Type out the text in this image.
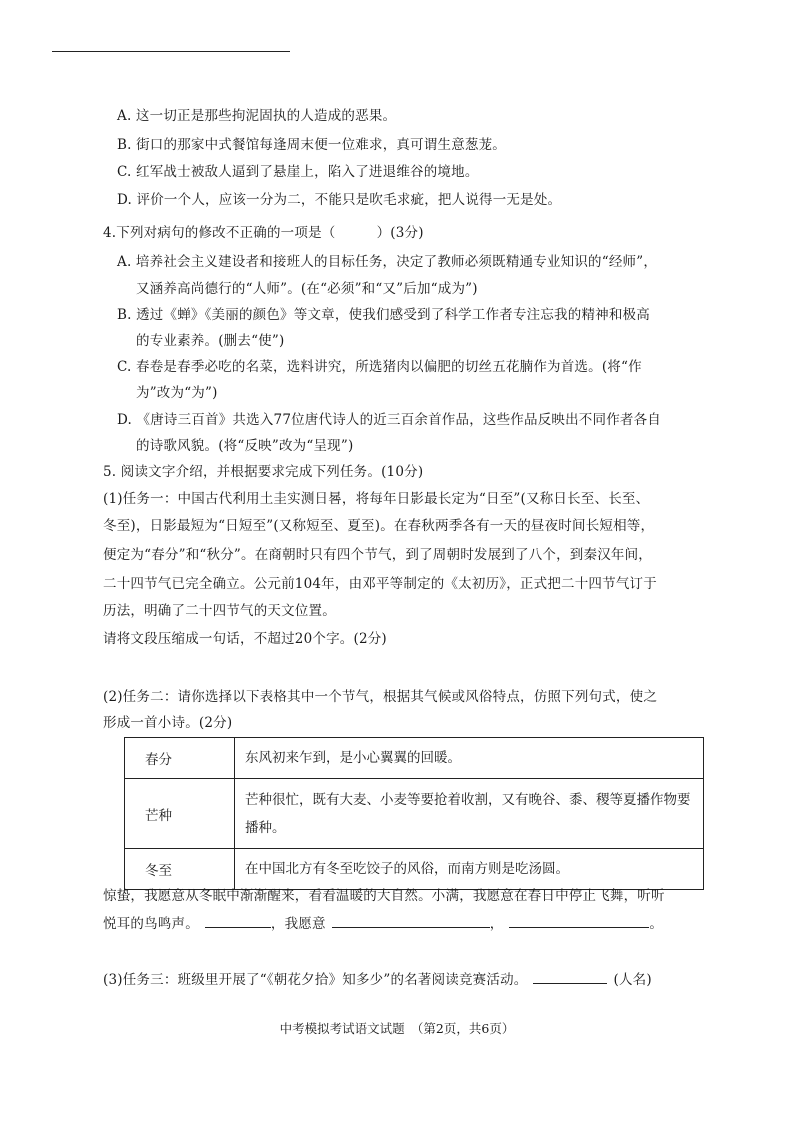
A. 这一切正是那些拘泥固执的人造成的恶果。
B. 街口的那家中式餐馆每逢周末便一位难求，真可谓生意葱茏。
C. 红军战士被敌人逼到了悬崖上，陷入了进退维谷的境地。
D. 评价一个人，应该一分为二，不能只是吹毛求疵，把人说得一无是处。
4.下列对病句的修改不正确的一项是（　　　）(3分)
A. 培养社会主义建设者和接班人的目标任务，决定了教师必须既精通专业知识的“经师”，
又涵养高尚德行的“人师”。(在“必须”和“又”后加“成为”)
B. 透过《蝉》《美丽的颜色》等文章，使我们感受到了科学工作者专注忘我的精神和极高
的专业素养。(删去“使”)
C. 春卷是春季必吃的名菜，选料讲究，所选猪肉以偏肥的切丝五花腩作为首选。(将“作
为”改为“为”)
D. 《唐诗三百首》共选入77位唐代诗人的近三百余首作品，这些作品反映出不同作者各自
的诗歌风貌。(将“反映”改为“呈现”)
5. 阅读文字介绍，并根据要求完成下列任务。(10分)
(1)任务一：中国古代利用土圭实测日晷，将每年日影最长定为“日至”(又称日长至、长至、
冬至)，日影最短为“日短至”(又称短至、夏至)。在春秋两季各有一天的昼夜时间长短相等，
便定为“春分”和“秋分”。在商朝时只有四个节气，到了周朝时发展到了八个，到秦汉年间，
二十四节气已完全确立。公元前104年，由邓平等制定的《太初历》，正式把二十四节气订于
历法，明确了二十四节气的天文位置。
请将文段压缩成一句话，不超过20个字。(2分)
(2)任务二：请你选择以下表格其中一个节气，根据其气候或风俗特点，仿照下列句式，使之
形成一首小诗。(2分)
春分	东风初来乍到，是小心翼翼的回暖。
芒种	芒种很忙，既有大麦、小麦等要抢着收割，又有晚谷、黍、稷等夏播作物要播种。
冬至	在中国北方有冬至吃饺子的风俗，而南方则是吃汤圆。
惊蛰，我愿意从冬眠中渐渐醒来，看看温暖的大自然。小满，我愿意在春日中停止飞舞，听听
悦耳的鸟鸣声。	，我愿意	，	。
(3)任务三：班级里开展了“《朝花夕拾》知多少”的名著阅读竞赛活动。	(人名)
中考模拟考试语文试题　（第2页，共6页）
